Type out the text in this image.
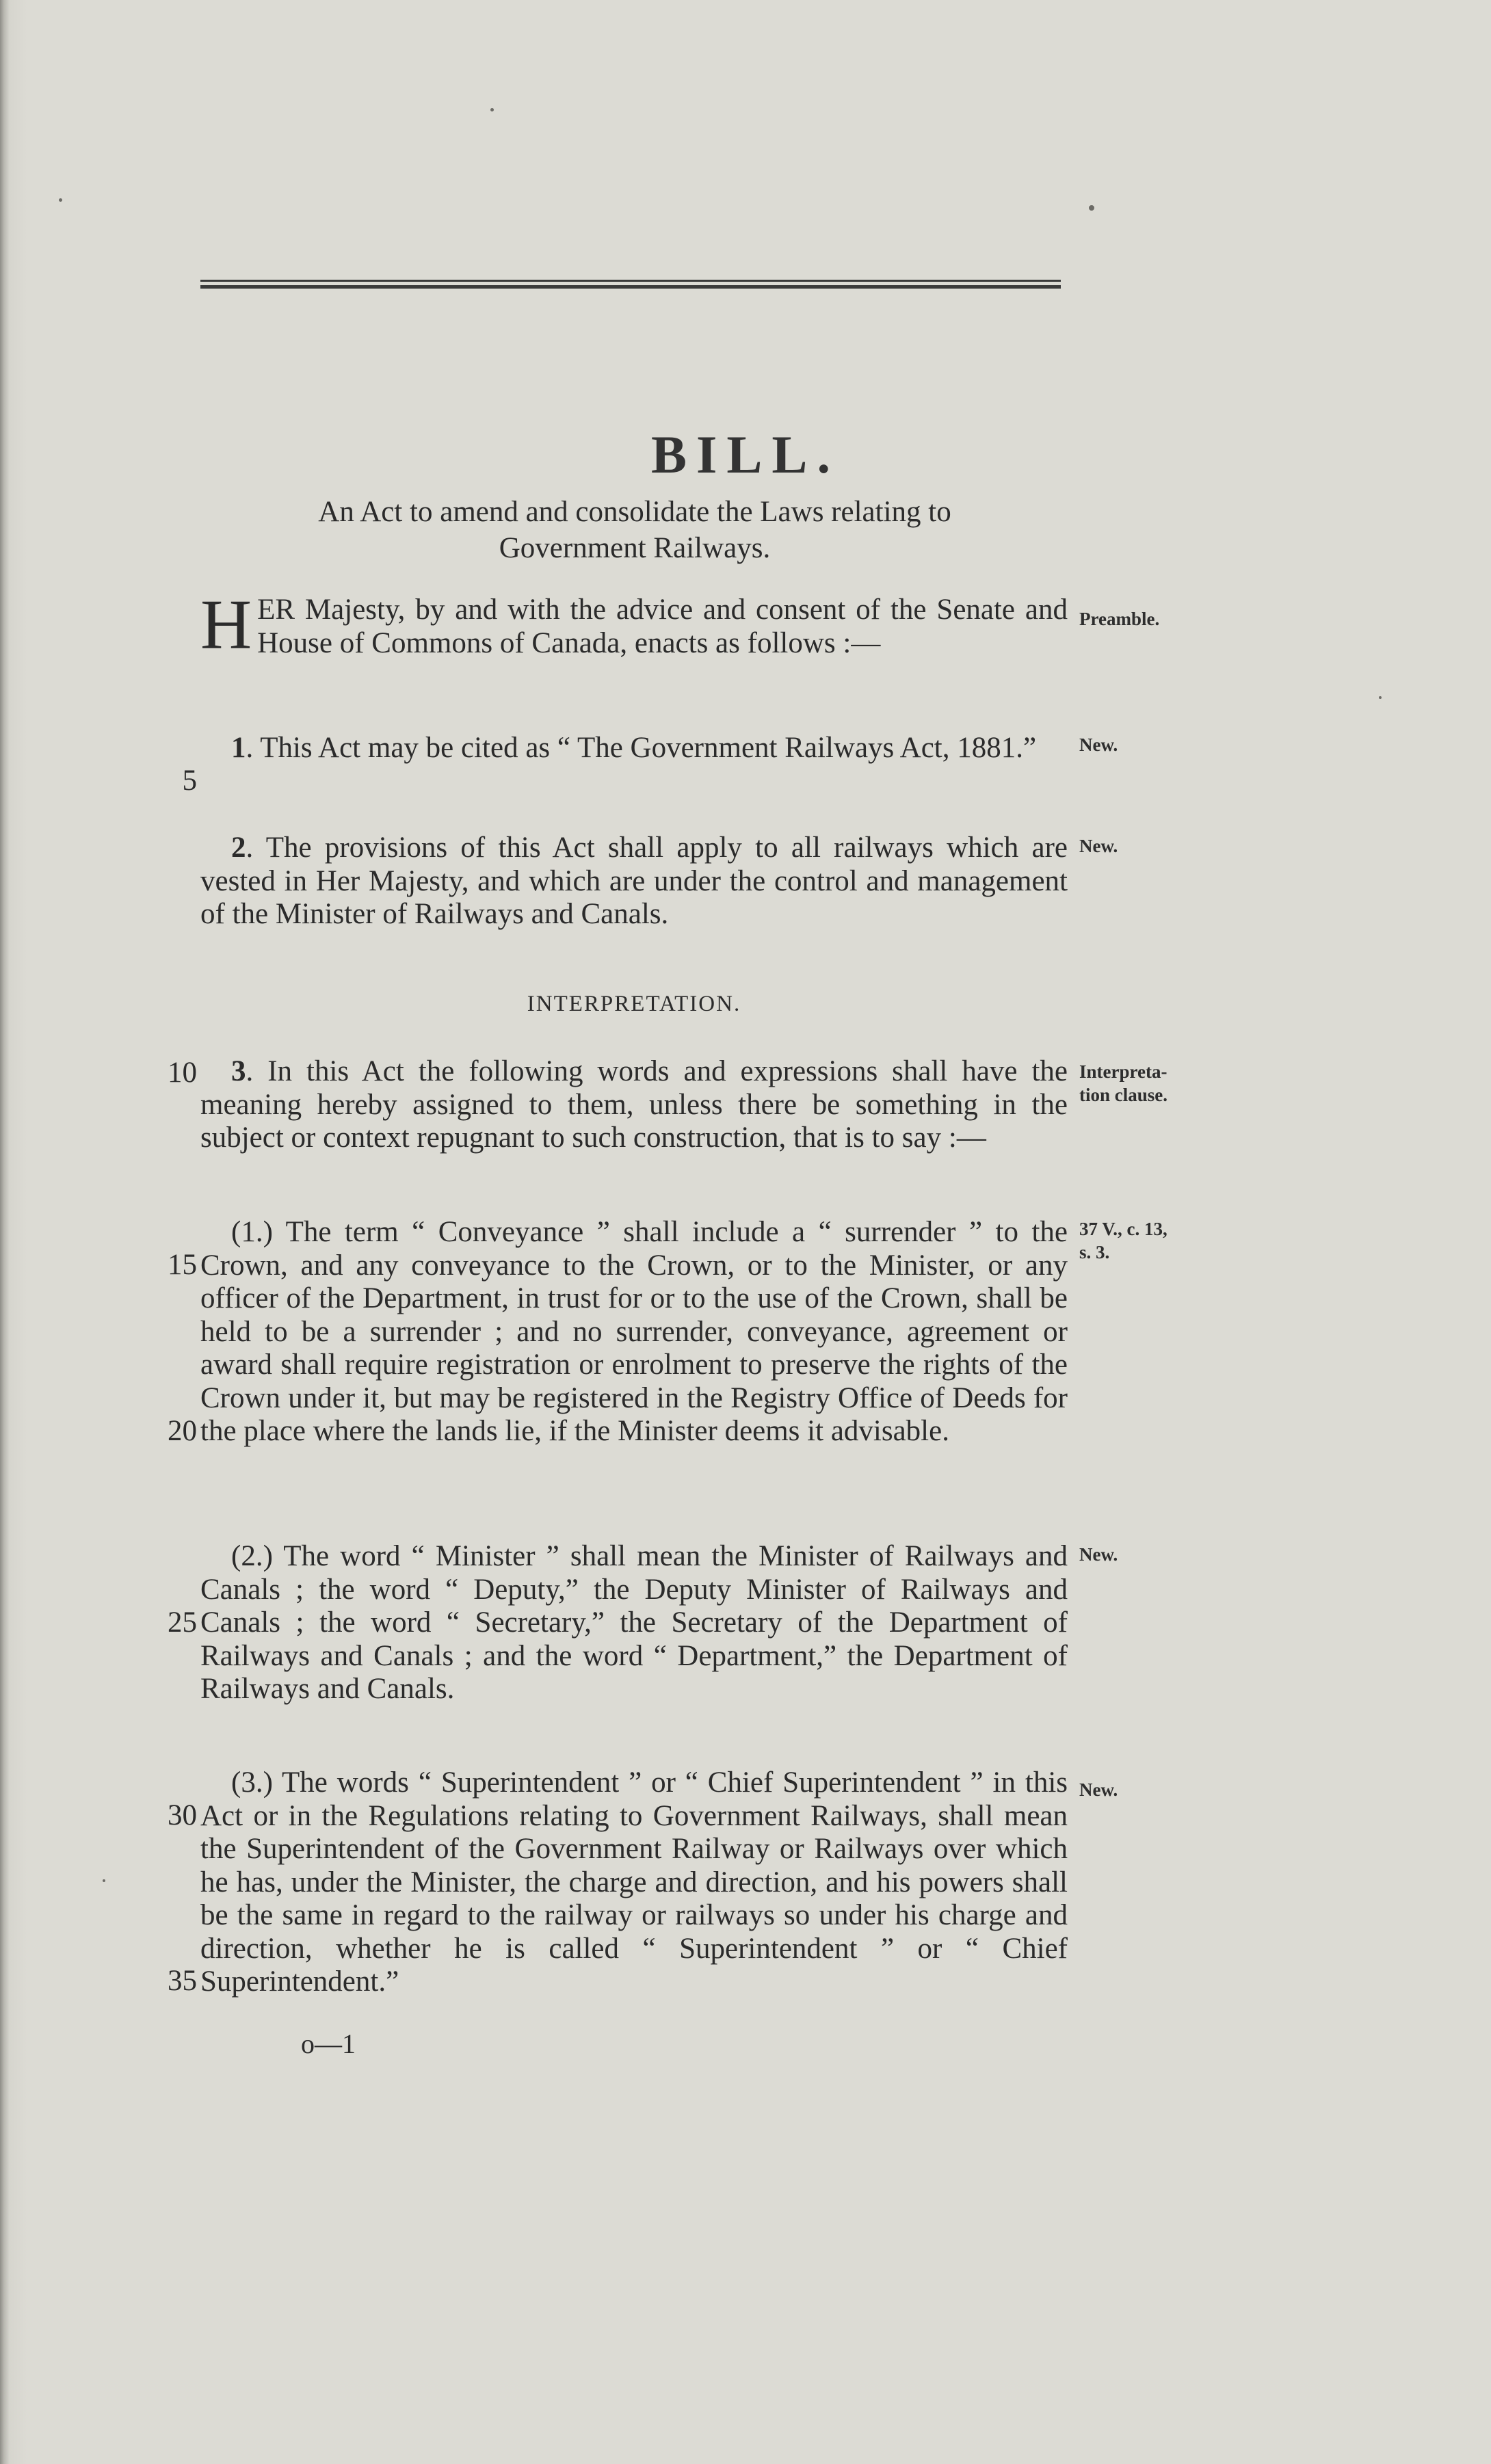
BILL.
An Act to amend and consolidate the Laws relating to
Government Railways.

HER Majesty, by and with the advice and consent of the Senate and House of Commons of Canada, enacts as follows :—

Preamble.

1. This Act may be cited as “ The Government Railways Act, 1881.”	New.
5

2. The provisions of this Act shall apply to all railways which are vested in Her Majesty, and which are under the control and management of the Minister of Railways and Canals.

New.
INTERPRETATION.

3. In this Act the following words and expressions shall have the meaning hereby assigned to them, unless there be something in the subject or context repugnant to such construction, that is to say :—

Interpreta-
tion clause.
10

(1.) The term “ Conveyance ” shall include a “ surrender ” to the Crown, and any conveyance to the Crown, or to the Minister, or any officer of the Department, in trust for or to the use of the Crown, shall be held to be a surrender ; and no surrender, conveyance, agreement or award shall require registration or enrolment to preserve the rights of the Crown under it, but may be registered in the Registry Office of Deeds for the place where the lands lie, if the Minister deems it advisable.

37 V., c. 13,
s. 3.
15
20

(2.) The word “ Minister ” shall mean the Minister of Railways and Canals ; the word “ Deputy,” the Deputy Minister of Railways and Canals ; the word “ Secretary,” the Secretary of the Department of Railways and Canals ; and the word “ Department,” the Department of Railways and Canals.

New.
25

(3.) The words “ Superintendent ” or “ Chief Superintendent ” in this Act or in the Regulations relating to Government Railways, shall mean the Superintendent of the Government Railway or Railways over which he has, under the Minister, the charge and direction, and his powers shall be the same in regard to the railway or railways so under his charge and direction, whether he is called “ Superintendent ” or “ Chief Superintendent.”

New.
30
35
o—1
